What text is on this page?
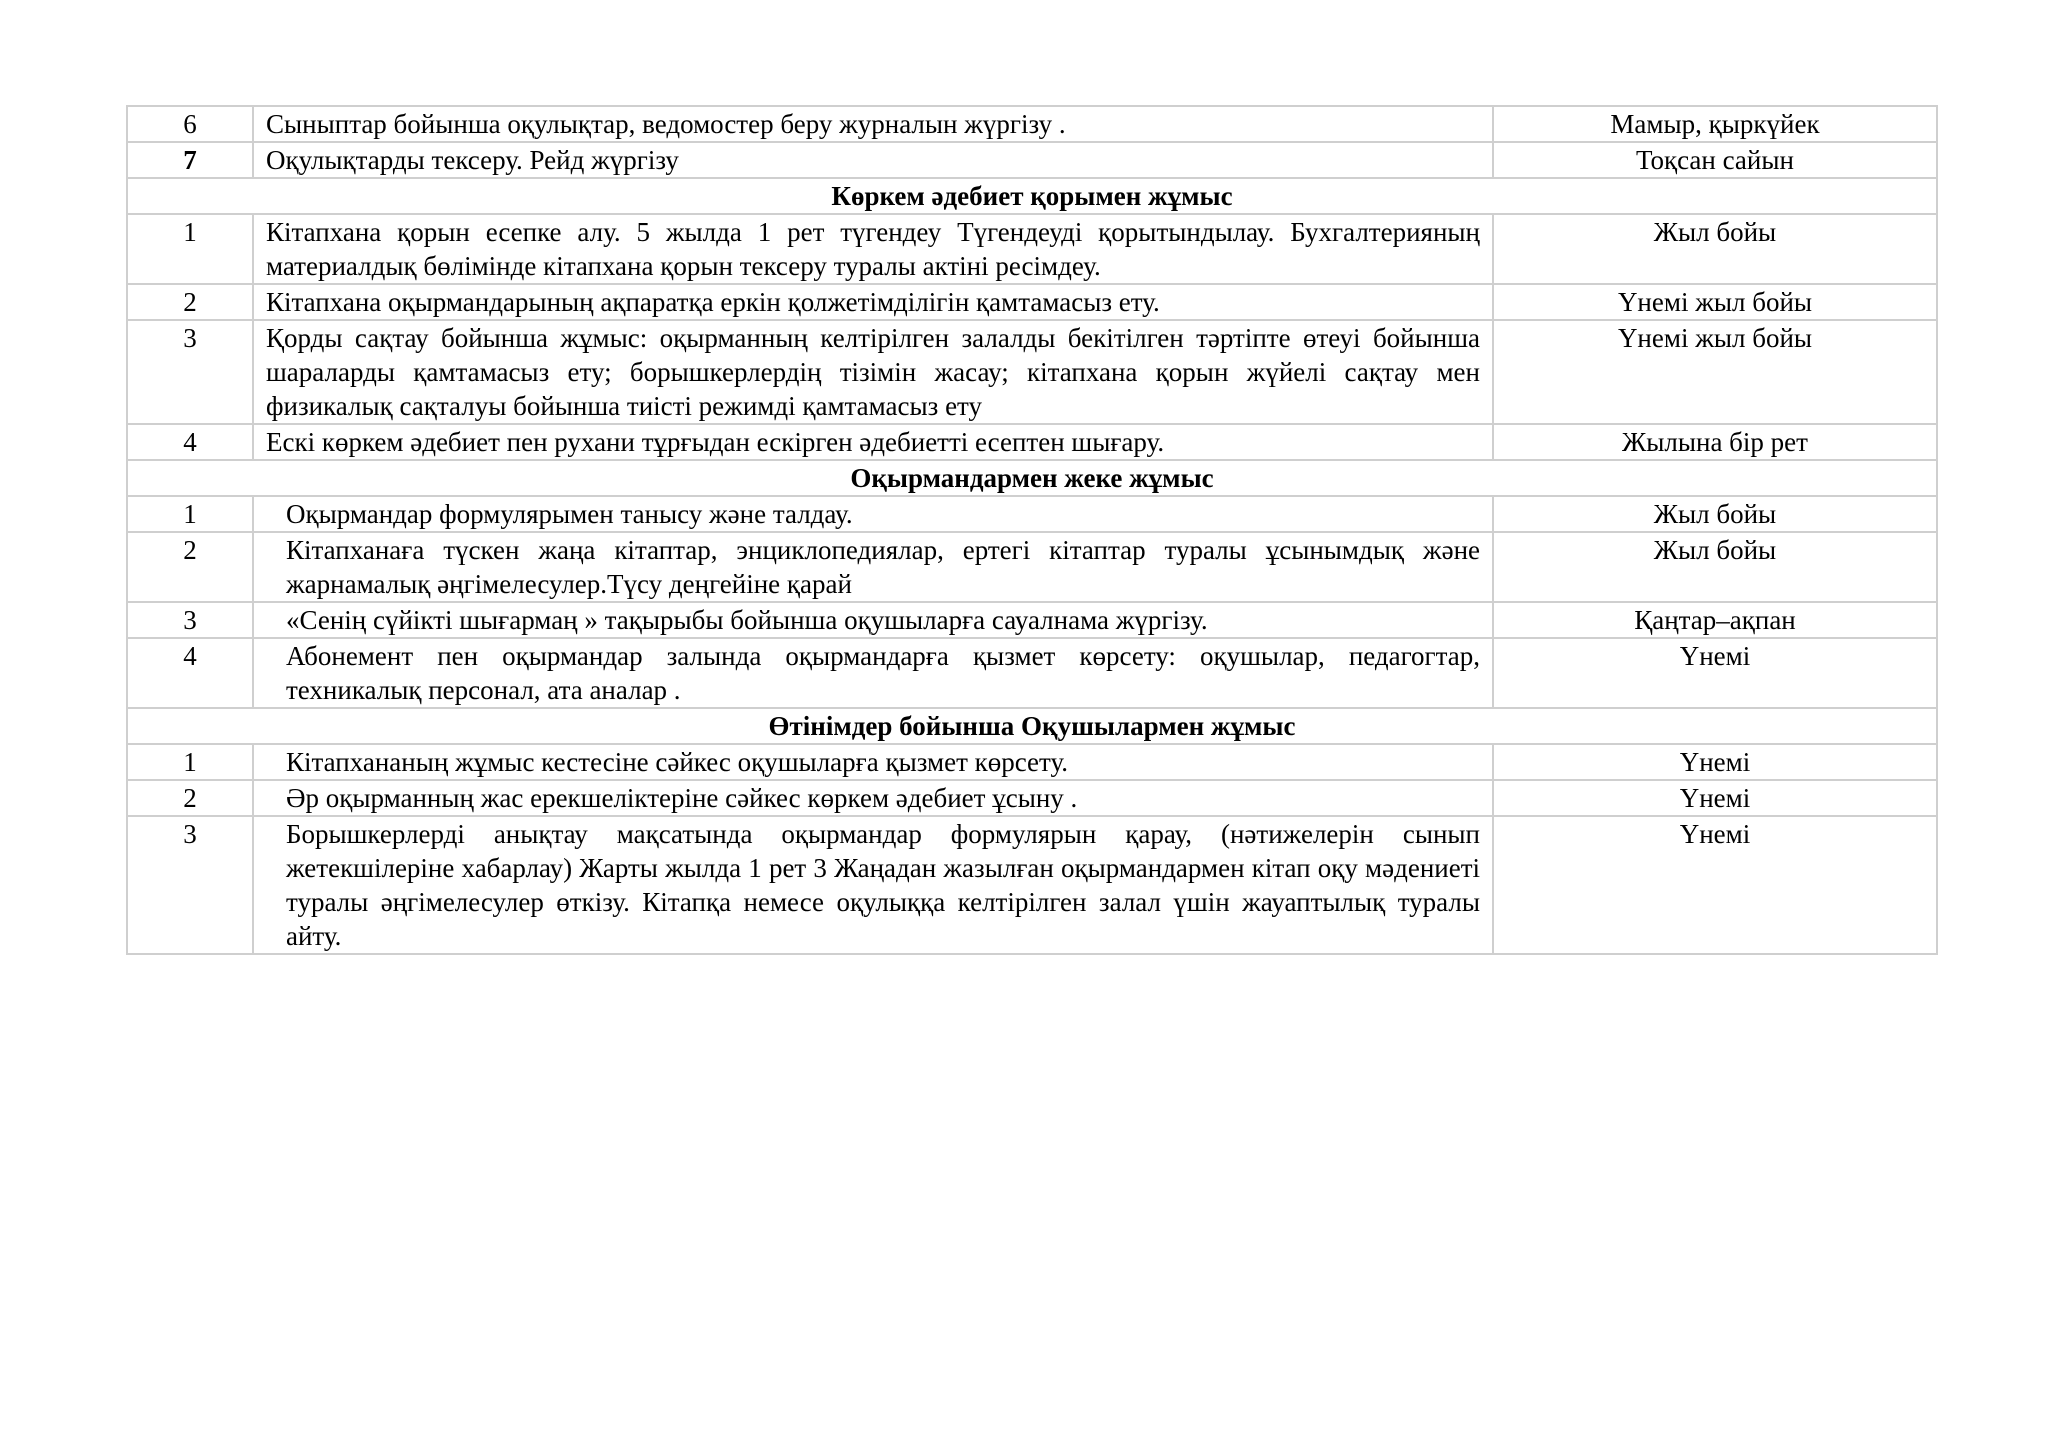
6	Сыныптар бойынша оқулықтар, ведомостер беру журналын жүргізу .	Мамыр, қыркүйек
7	Оқулықтарды тексеру. Рейд жүргізу	Тоқсан сайын
Көркем әдебиет қорымен жұмыс		
1	Кітапхана қорын есепке алу. 5 жылда 1 рет түгендеу Түгендеуді қорытындылау. Бухгалтерияның материалдық бөлімінде кітапхана қорын тексеру туралы актіні ресімдеу.	Жыл бойы
2	Кітапхана оқырмандарының ақпаратқа еркін қолжетімділігін қамтамасыз ету.	Үнемі жыл бойы
3	Қорды сақтау бойынша жұмыс: оқырманның келтірілген залалды бекітілген тәртіпте өтеуі бойынша шараларды қамтамасыз ету; борышкерлердің тізімін жасау; кітапхана қорын жүйелі сақтау мен физикалық сақталуы бойынша тиісті режимді қамтамасыз ету	Үнемі жыл бойы
4	Ескі көркем әдебиет пен рухани тұрғыдан ескірген әдебиетті есептен шығару.	Жылына бір рет
Оқырмандармен жеке жұмыс		
1	Оқырмандар формулярымен танысу және талдау.	Жыл бойы
2	Кітапханаға түскен жаңа кітаптар, энциклопедиялар, ертегі кітаптар туралы ұсынымдық және жарнамалық әңгімелесулер.Түсу деңгейіне қарай	Жыл бойы
3	«Сенің сүйікті шығармаң » тақырыбы бойынша оқушыларға сауалнама жүргізу.	Қаңтар–ақпан
4	Абонемент пен оқырмандар залында оқырмандарға қызмет көрсету: оқушылар, педагогтар, техникалық персонал, ата аналар .	Үнемі
Өтінімдер бойынша Оқушылармен жұмыс		
1	Кітапхананың жұмыс кестесіне сәйкес оқушыларға қызмет көрсету.	Үнемі
2	Әр оқырманның жас ерекшеліктеріне сәйкес көркем әдебиет ұсыну .	Үнемі
3	Борышкерлерді анықтау мақсатында оқырмандар формулярын қарау, (нәтижелерін сынып жетекшілеріне хабарлау) Жарты жылда 1 рет 3 Жаңадан жазылған оқырмандармен кітап оқу мәдениеті туралы әңгімелесулер өткізу. Кітапқа немесе оқулыққа келтірілген залал үшін жауаптылық туралы айту.	Үнемі
